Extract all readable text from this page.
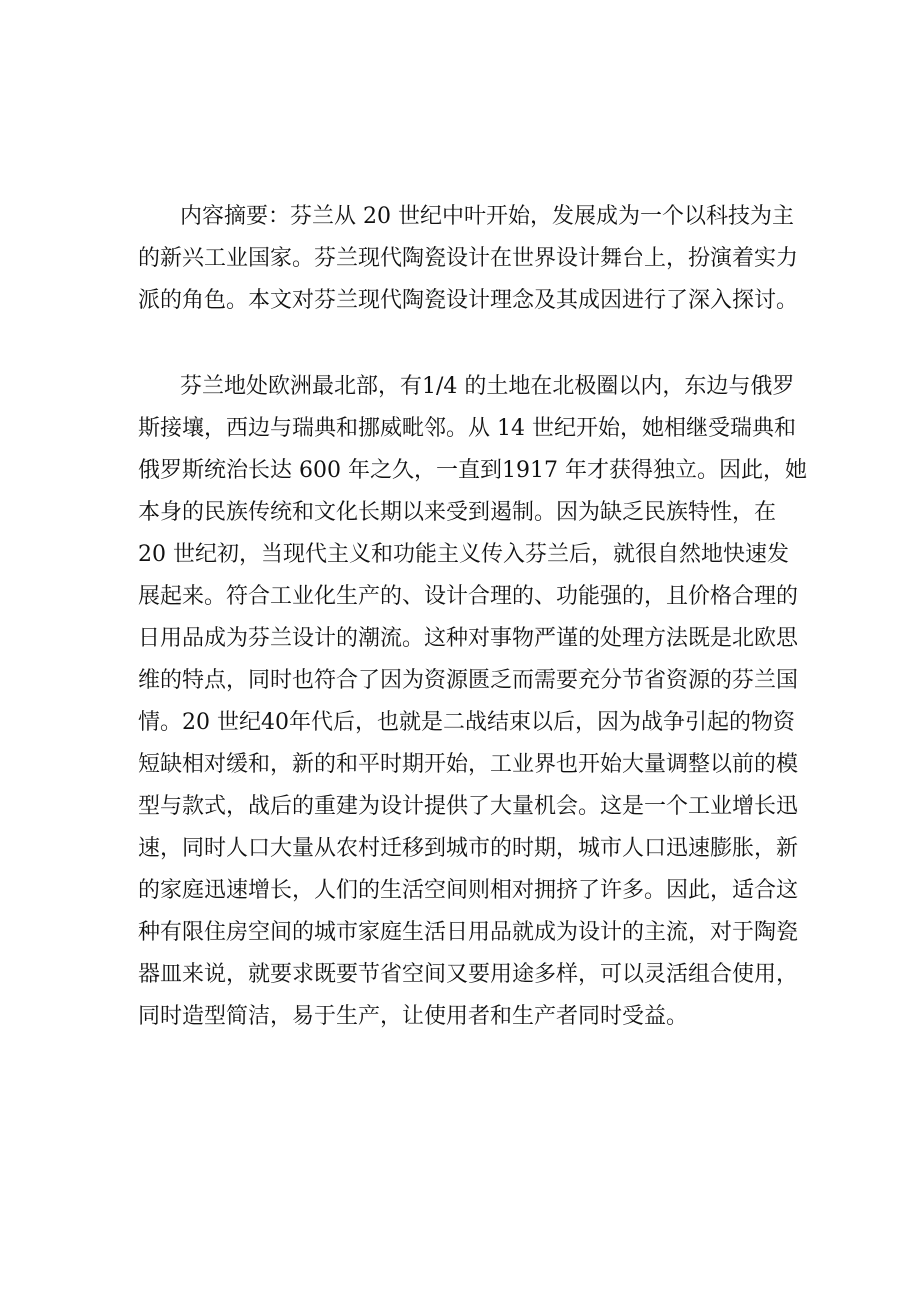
内容摘要：芬兰从 20 世纪中叶开始，发展成为一个以科技为主
的新兴工业国家。芬兰现代陶瓷设计在世界设计舞台上，扮演着实力
派的角色。本文对芬兰现代陶瓷设计理念及其成因进行了深入探讨。
芬兰地处欧洲最北部，有1/4 的土地在北极圈以内，东边与俄罗
斯接壤，西边与瑞典和挪威毗邻。从 14 世纪开始，她相继受瑞典和
俄罗斯统治长达 600 年之久，一直到1917 年才获得独立。因此，她
本身的民族传统和文化长期以来受到遏制。因为缺乏民族特性，在
20 世纪初，当现代主义和功能主义传入芬兰后，就很自然地快速发
展起来。符合工业化生产的、设计合理的、功能强的，且价格合理的
日用品成为芬兰设计的潮流。这种对事物严谨的处理方法既是北欧思
维的特点，同时也符合了因为资源匮乏而需要充分节省资源的芬兰国
情。20 世纪40年代后，也就是二战结束以后，因为战争引起的物资
短缺相对缓和，新的和平时期开始，工业界也开始大量调整以前的模
型与款式，战后的重建为设计提供了大量机会。这是一个工业增长迅
速，同时人口大量从农村迁移到城市的时期，城市人口迅速膨胀，新
的家庭迅速增长，人们的生活空间则相对拥挤了许多。因此，适合这
种有限住房空间的城市家庭生活日用品就成为设计的主流，对于陶瓷
器皿来说，就要求既要节省空间又要用途多样，可以灵活组合使用，
同时造型简洁，易于生产，让使用者和生产者同时受益。
